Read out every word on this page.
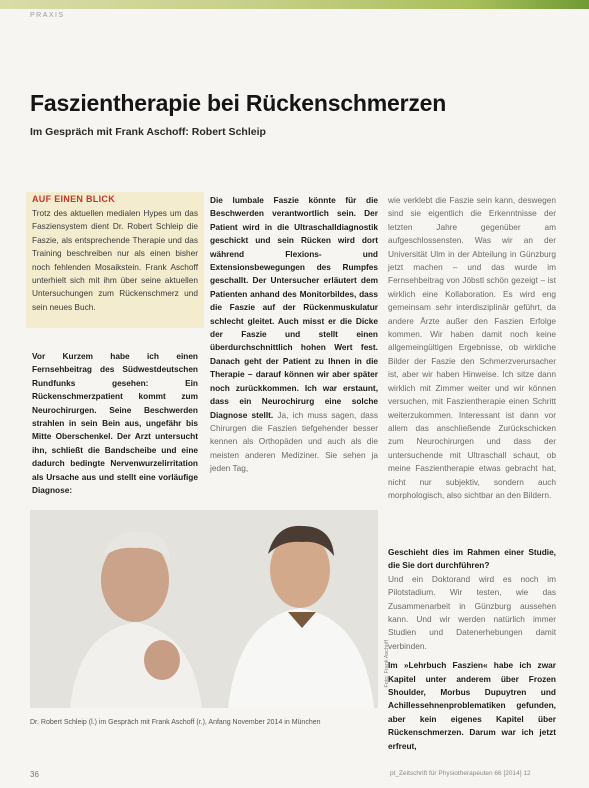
PRAXIS
Faszientherapie bei Rückenschmerzen
Im Gespräch mit Frank Aschoff: Robert Schleip
AUF EINEN BLICK
Trotz des aktuellen medialen Hypes um das Fasziensystem dient Dr. Robert Schleip die Faszie, als entsprechende Therapie und das Training beschreiben nur als einen bisher noch fehlenden Mosaikstein. Frank Aschoff unterhielt sich mit ihm über seine aktuellen Untersuchungen zum Rückenschmerz und sein neues Buch.
Vor Kurzem habe ich einen Fernsehbeitrag des Südwestdeutschen Rundfunks gesehen: Ein Rückenschmerzpatient kommt zum Neurochirurgen. Seine Beschwerden strahlen in sein Bein aus, ungefähr bis Mitte Oberschenkel. Der Arzt untersucht ihn, schließt die Bandscheibe und eine dadurch bedingte Nervenwurzelirritation als Ursache aus und stellt eine vorläufige Diagnose:
Die lumbale Faszie könnte für die Beschwerden verantwortlich sein. Der Patient wird in die Ultraschalldiagnostik geschickt und sein Rücken wird dort während Flexions- und Extensionsbewegungen des Rumpfes geschallt. Der Untersucher erläutert dem Patienten anhand des Monitorbildes, dass die Faszie auf der Rückenmuskulatur schlecht gleitet. Auch misst er die Dicke der Faszie und stellt einen überdurchschnittlich hohen Wert fest. Danach geht der Patient zu Ihnen in die Therapie – darauf können wir aber später noch zurückkommen. Ich war erstaunt, dass ein Neurochirurg eine solche Diagnose stellt. Ja, ich muss sagen, dass Chirurgen die Faszien tiefgehender besser kennen als Orthopäden und auch als die meisten anderen Mediziner. Sie sehen ja jeden Tag,
wie verklebt die Faszie sein kann, deswegen sind sie eigentlich die Erkenntnisse der letzten Jahre gegenüber am aufgeschlossensten. Was wir an der Universität Ulm in der Abteilung in Günzburg jetzt machen – und das wurde im Fernsehbeitrag von Jöbstl schön gezeigt – ist wirklich eine Kollaboration. Es wird eng gemeinsam sehr interdisziplinär geführt, da andere Ärzte außer den Faszien Erfolge kommen. Wir haben damit noch keine allgemeingültigen Ergebnisse, ob wirkliche Bilder der Faszie den Schmerzverursacher ist, aber wir haben Hinweise. Ich sitze dann wirklich mit Zimmer weiter und wir können versuchen, mit Faszientherapie einen Schritt weiterzukommen. Interessant ist dann vor allem das anschließende Zurückschicken zum Neurochirurgen und dass der untersuchende mit Ultraschall schaut, ob meine Faszientherapie etwas gebracht hat, nicht nur subjektiv, sondern auch morphologisch, also sichtbar an den Bildern.
Geschieht dies im Rahmen einer Studie, die Sie dort durchführen?
Und ein Doktorand wird es noch im Pilotstadium. Wir testen, wie das Zusammenarbeit in Günzburg aussehen kann. Und wir werden natürlich immer Studien und Datenerhebungen damit verbinden.
Im »Lehrbuch Faszien« habe ich zwar Kapitel unter anderem über Frozen Shoulder, Morbus Dupuytren und Achillessehnenproblematiken gefunden, aber kein eigenes Kapitel über Rückenschmerzen. Darum war ich jetzt erfreut,
Foto: Frank Aschoff
Dr. Robert Schleip (l.) im Gespräch mit Frank Aschoff (r.), Anfang November 2014 in München
36	pt_Zeitschrift für Physiotherapeuten 66 [2014] 12
